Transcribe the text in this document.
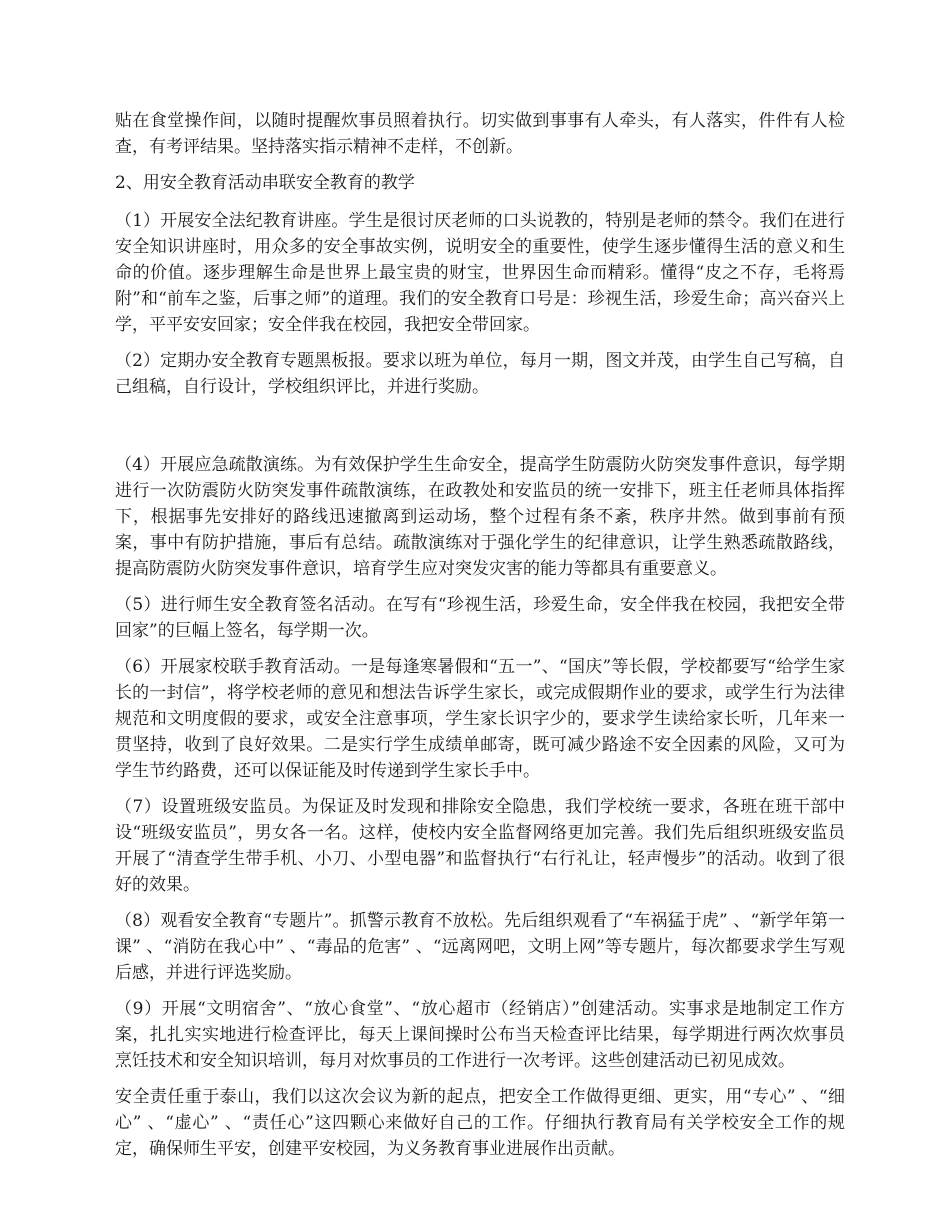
贴在食堂操作间，以随时提醒炊事员照着执行。切实做到事事有人牵头，有人落实，件件有人检查，有考评结果。坚持落实指示精神不走样，不创新。

2、用安全教育活动串联安全教育的教学

（1）开展安全法纪教育讲座。学生是很讨厌老师的口头说教的，特别是老师的禁令。我们在进行安全知识讲座时，用众多的安全事故实例，说明安全的重要性，使学生逐步懂得生活的意义和生命的价值。逐步理解生命是世界上最宝贵的财宝，世界因生命而精彩。懂得“皮之不存，毛将焉附”和“前车之鉴，后事之师”的道理。我们的安全教育口号是：珍视生活，珍爱生命；高兴奋兴上学，平平安安回家；安全伴我在校园，我把安全带回家。

（2）定期办安全教育专题黑板报。要求以班为单位，每月一期，图文并茂，由学生自己写稿，自己组稿，自行设计，学校组织评比，并进行奖励。

（4）开展应急疏散演练。为有效保护学生生命安全，提高学生防震防火防突发事件意识，每学期进行一次防震防火防突发事件疏散演练，在政教处和安监员的统一安排下，班主任老师具体指挥下，根据事先安排好的路线迅速撤离到运动场，整个过程有条不紊，秩序井然。做到事前有预案，事中有防护措施，事后有总结。疏散演练对于强化学生的纪律意识，让学生熟悉疏散路线，提高防震防火防突发事件意识，培育学生应对突发灾害的能力等都具有重要意义。

（5）进行师生安全教育签名活动。在写有“珍视生活，珍爱生命，安全伴我在校园，我把安全带回家”的巨幅上签名，每学期一次。

（6）开展家校联手教育活动。一是每逢寒暑假和“五一”、“国庆”等长假，学校都要写“给学生家长的一封信”，将学校老师的意见和想法告诉学生家长，或完成假期作业的要求，或学生行为法律规范和文明度假的要求，或安全注意事项，学生家长识字少的，要求学生读给家长听，几年来一贯坚持，收到了良好效果。二是实行学生成绩单邮寄，既可减少路途不安全因素的风险，又可为学生节约路费，还可以保证能及时传递到学生家长手中。

（7）设置班级安监员。为保证及时发现和排除安全隐患，我们学校统一要求，各班在班干部中设“班级安监员”，男女各一名。这样，使校内安全监督网络更加完善。我们先后组织班级安监员开展了“清查学生带手机、小刀、小型电器”和监督执行“右行礼让，轻声慢步”的活动。收到了很好的效果。

（8）观看安全教育“专题片”。抓警示教育不放松。先后组织观看了“车祸猛于虎” 、“新学年第一课” 、“消防在我心中” 、“毒品的危害” 、“远离网吧，文明上网”等专题片，每次都要求学生写观后感，并进行评选奖励。

（9）开展“文明宿舍”、“放心食堂”、“放心超市（经销店）”创建活动。实事求是地制定工作方案，扎扎实实地进行检查评比，每天上课间操时公布当天检查评比结果，每学期进行两次炊事员烹饪技术和安全知识培训，每月对炊事员的工作进行一次考评。这些创建活动已初见成效。

安全责任重于泰山，我们以这次会议为新的起点，把安全工作做得更细、更实，用“专心” 、“细心” 、“虚心” 、“责任心”这四颗心来做好自己的工作。仔细执行教育局有关学校安全工作的规定，确保师生平安，创建平安校园，为义务教育事业进展作出贡献。
